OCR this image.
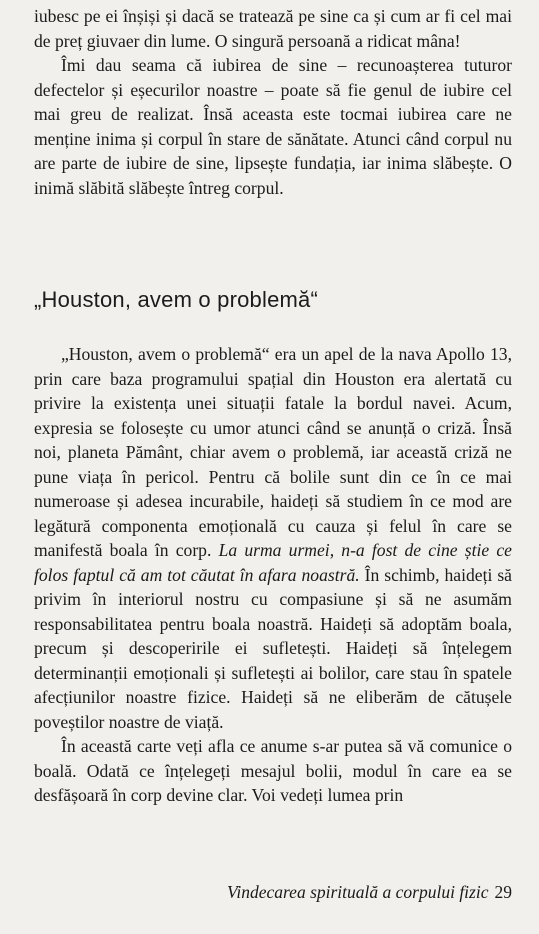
iubesc pe ei înșiși și dacă se tratează pe sine ca și cum ar fi cel mai de preț giuvaer din lume. O singură persoană a ridicat mâna!

Îmi dau seama că iubirea de sine – recunoașterea tuturor defectelor și eșecurilor noastre – poate să fie genul de iubire cel mai greu de realizat. Însă aceasta este tocmai iubirea care ne menține inima și corpul în stare de sănătate. Atunci când corpul nu are parte de iubire de sine, lipsește fundația, iar inima slăbește. O inimă slăbită slăbește întreg corpul.

„Houston, avem o problemă“

„Houston, avem o problemă“ era un apel de la nava Apollo 13, prin care baza programului spațial din Houston era alertată cu privire la existența unei situații fatale la bordul navei. Acum, expresia se folosește cu umor atunci când se anunță o criză. Însă noi, planeta Pământ, chiar avem o problemă, iar această criză ne pune viața în pericol. Pentru că bolile sunt din ce în ce mai numeroase și adesea incurabile, haideți să studiem în ce mod are legătură componenta emoțională cu cauza și felul în care se manifestă boala în corp. La urma urmei, n-a fost de cine știe ce folos faptul că am tot căutat în afara noastră. În schimb, haideți să privim în interiorul nostru cu compasiune și să ne asumăm responsabilitatea pentru boala noastră. Haideți să adoptăm boala, precum și descoperirile ei sufletești. Haideți să înțelegem determinanții emoționali și sufletești ai bolilor, care stau în spatele afecțiunilor noastre fizice. Haideți să ne eliberăm de cătușele poveștilor noastre de viață.

În această carte veți afla ce anume s-ar putea să vă comunice o boală. Odată ce înțelegeți mesajul bolii, modul în care ea se desfășoară în corp devine clar. Voi vedeți lumea prin

Vindecarea spirituală a corpului fizic 29
